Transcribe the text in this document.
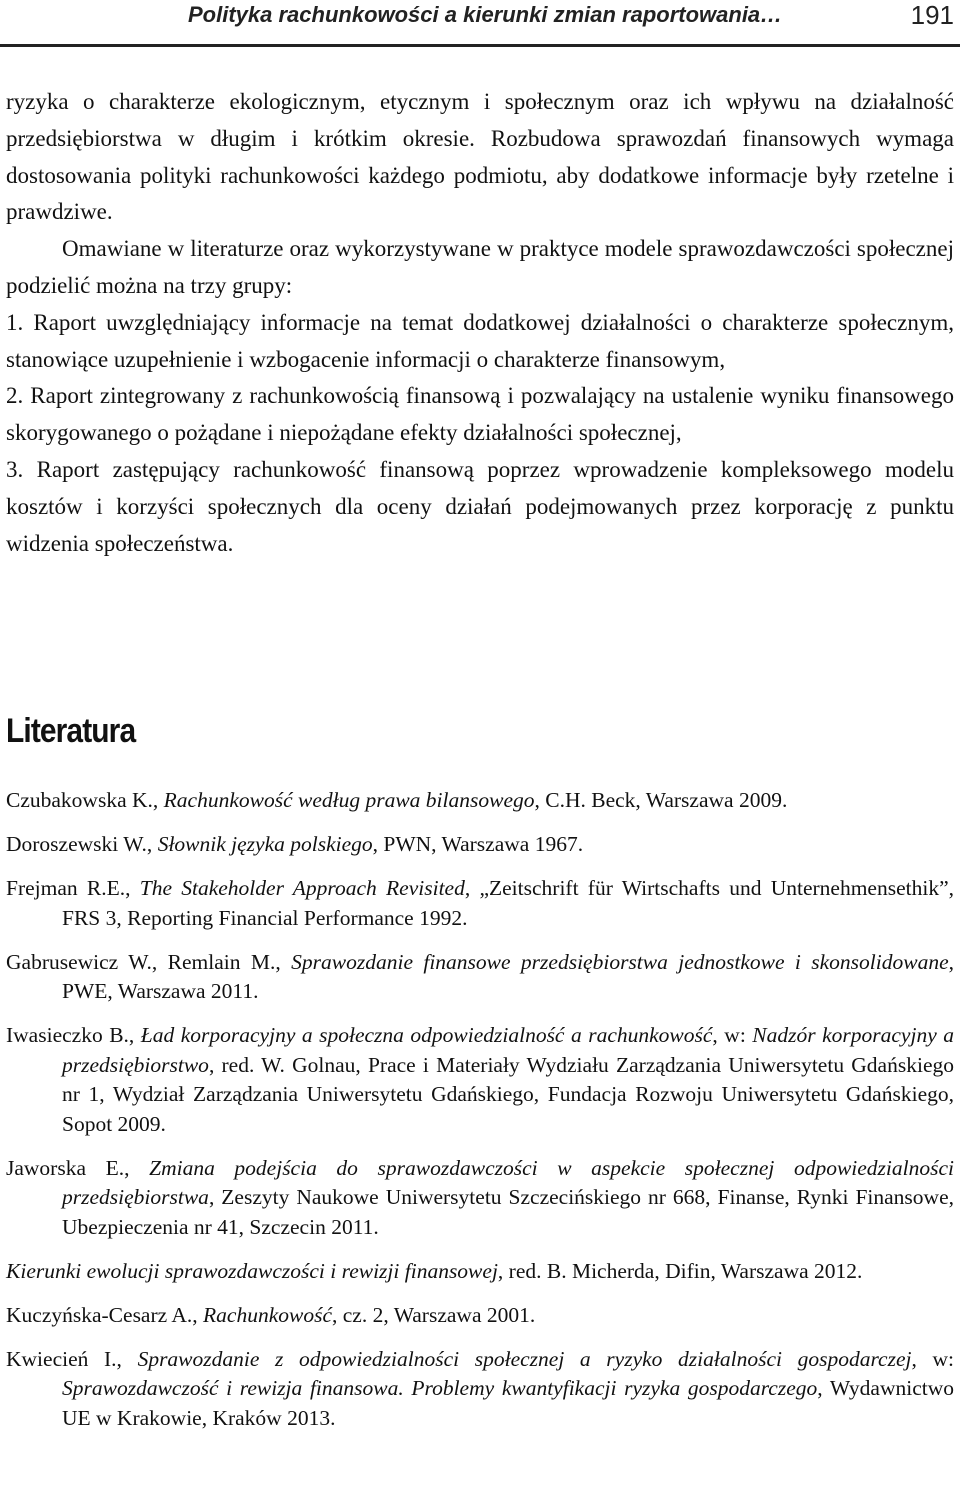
Polityka rachunkowości a kierunki zmian raportowania…	191

ryzyka o charakterze ekologicznym, etycznym i społecznym oraz ich wpływu na działalność przedsiębiorstwa w długim i krótkim okresie. Rozbudowa sprawozdań finansowych wymaga dostosowania polityki rachunkowości każdego podmiotu, aby dodatkowe informacje były rzetelne i prawdziwe.

Omawiane w literaturze oraz wykorzystywane w praktyce modele sprawozdawczości społecznej podzielić można na trzy grupy:

1. Raport uwzględniający informacje na temat dodatkowej działalności o charakterze społecznym, stanowiące uzupełnienie i wzbogacenie informacji o charakterze finansowym,

2. Raport zintegrowany z rachunkowością finansową i pozwalający na ustalenie wyniku finansowego skorygowanego o pożądane i niepożądane efekty działalności społecznej,

3. Raport zastępujący rachunkowość finansową poprzez wprowadzenie kompleksowego modelu kosztów i korzyści społecznych dla oceny działań podejmowanych przez korporację z punktu widzenia społeczeństwa.

Literatura

Czubakowska K., Rachunkowość według prawa bilansowego, C.H. Beck, Warszawa 2009.

Doroszewski W., Słownik języka polskiego, PWN, Warszawa 1967.

Frejman R.E., The Stakeholder Approach Revisited, „Zeitschrift für Wirtschafts und Unternehmensethik”, FRS 3, Reporting Financial Performance 1992.

Gabrusewicz W., Remlain M., Sprawozdanie finansowe przedsiębiorstwa jednostkowe i skonsolidowane, PWE, Warszawa 2011.

Iwasieczko B., Ład korporacyjny a społeczna odpowiedzialność a rachunkowość, w: Nadzór korporacyjny a przedsiębiorstwo, red. W. Golnau, Prace i Materiały Wydziału Zarządzania Uniwersytetu Gdańskiego nr 1, Wydział Zarządzania Uniwersytetu Gdańskiego, Fundacja Rozwoju Uniwersytetu Gdańskiego, Sopot 2009.

Jaworska E., Zmiana podejścia do sprawozdawczości w aspekcie społecznej odpowiedzialności przedsiębiorstwa, Zeszyty Naukowe Uniwersytetu Szczecińskiego nr 668, Finanse, Rynki Finansowe, Ubezpieczenia nr 41, Szczecin 2011.

Kierunki ewolucji sprawozdawczości i rewizji finansowej, red. B. Micherda, Difin, Warszawa 2012.

Kuczyńska-Cesarz A., Rachunkowość, cz. 2, Warszawa 2001.

Kwiecień I., Sprawozdanie z odpowiedzialności społecznej a ryzyko działalności gospodarczej, w: Sprawozdawczość i rewizja finansowa. Problemy kwantyfikacji ryzyka gospodarczego, Wydawnictwo UE w Krakowie, Kraków 2013.
